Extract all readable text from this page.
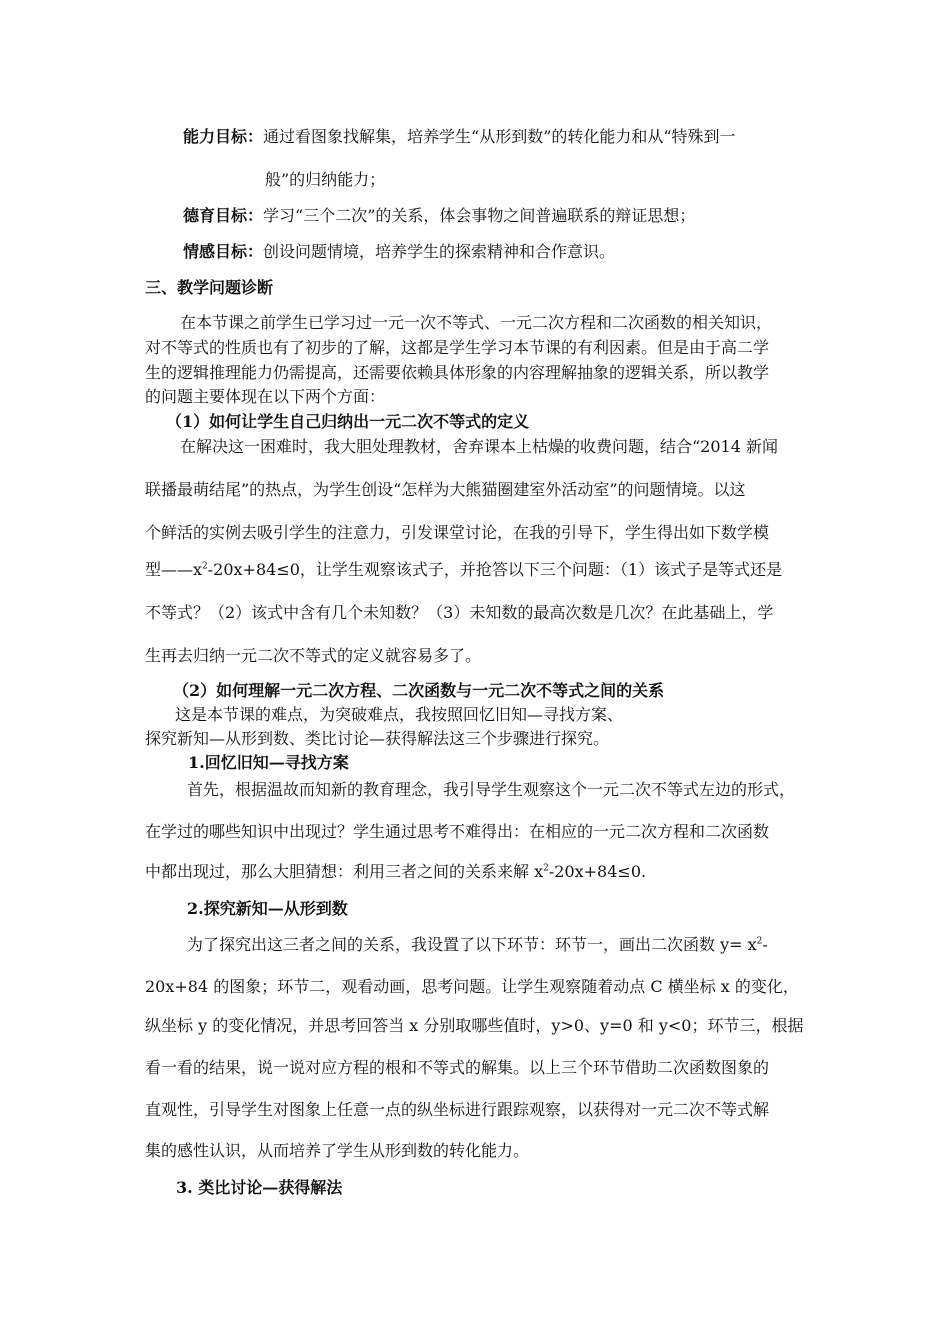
能力目标：通过看图象找解集，培养学生“从形到数”的转化能力和从“特殊到一
般”的归纳能力；
德育目标：学习“三个二次”的关系，体会事物之间普遍联系的辩证思想；
情感目标：创设问题情境，培养学生的探索精神和合作意识。
三、教学问题诊断
在本节课之前学生已学习过一元一次不等式、一元二次方程和二次函数的相关知识，
对不等式的性质也有了初步的了解，这都是学生学习本节课的有利因素。但是由于高二学
生的逻辑推理能力仍需提高，还需要依赖具体形象的内容理解抽象的逻辑关系，所以教学
的问题主要体现在以下两个方面：
（1）如何让学生自己归纳出一元二次不等式的定义
在解决这一困难时，我大胆处理教材，舍弃课本上枯燥的收费问题，结合“2014 新闻
联播最萌结尾”的热点，为学生创设“怎样为大熊猫圈建室外活动室”的问题情境。以这
个鲜活的实例去吸引学生的注意力，引发课堂讨论，在我的引导下，学生得出如下数学模
型$——x^2-20x+84\le 0$，让学生观察该式子，并抢答以下三个问题：（1）该式子是等式还是
不等式？（2）该式中含有几个未知数？（3）未知数的最高次数是几次？在此基础上，学
生再去归纳一元二次不等式的定义就容易多了。
（2）如何理解一元二次方程、二次函数与一元二次不等式之间的关系
这是本节课的难点，为突破难点，我按照回忆旧知—寻找方案、
探究新知—从形到数、类比讨论—获得解法这三个步骤进行探究。
1.回忆旧知—寻找方案
首先，根据温故而知新的教育理念，我引导学生观察这个一元二次不等式左边的形式，
在学过的哪些知识中出现过？学生通过思考不难得出：在相应的一元二次方程和二次函数
中都出现过，那么大胆猜想：利用三者之间的关系来解 $x^2-20x+84\le 0$.
2.探究新知—从形到数
为了探究出这三者之间的关系，我设置了以下环节：环节一，画出二次函数 $y= x^2-$
20x+84 的图象；环节二，观看动画，思考问题。让学生观察随着动点 C 横坐标 x 的变化，
纵坐标 y 的变化情况，并思考回答当 x 分别取哪些值时，y>0、y=0 和 y<0；环节三，根据
看一看的结果，说一说对应方程的根和不等式的解集。以上三个环节借助二次函数图象的
直观性，引导学生对图象上任意一点的纵坐标进行跟踪观察，以获得对一元二次不等式解
集的感性认识，从而培养了学生从形到数的转化能力。
3. 类比讨论—获得解法
